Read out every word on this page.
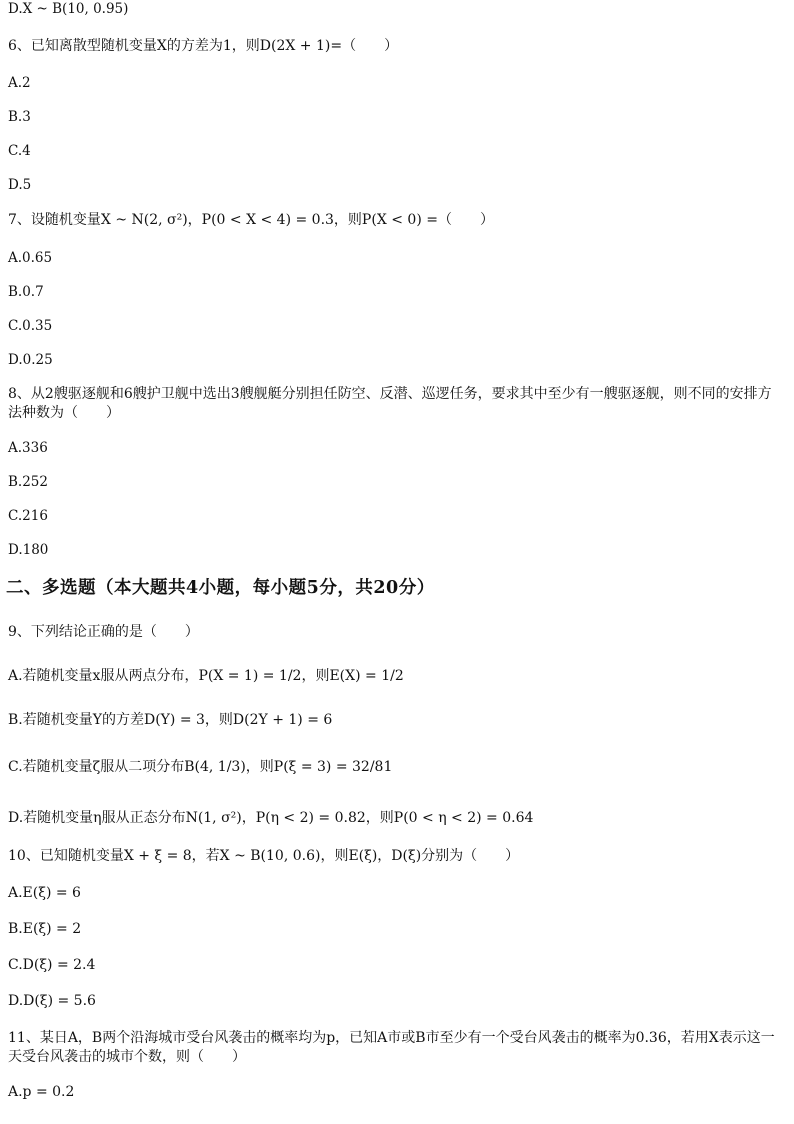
D.X ~ B(10, 0.95)
6、已知离散型随机变量X的方差为1，则D(2X + 1)=（　　）
A.2
B.3
C.4
D.5
7、设随机变量X ~ N(2, σ²)，P(0 < X < 4) = 0.3，则P(X < 0) =（　　）
A.0.65
B.0.7
C.0.35
D.0.25
8、从2艘驱逐舰和6艘护卫舰中选出3艘舰艇分别担任防空、反潜、巡逻任务，要求其中至少有一艘驱逐舰，则不同的安排方法种数为（　　）
A.336
B.252
C.216
D.180
二、多选题（本大题共4小题，每小题5分，共20分）
9、下列结论正确的是（　　）
A.若随机变量x服从两点分布，P(X = 1) = 1/2，则E(X) = 1/2
B.若随机变量Y的方差D(Y) = 3，则D(2Y + 1) = 6
C.若随机变量ζ服从二项分布B(4, 1/3)，则P(ξ = 3) = 32/81
D.若随机变量η服从正态分布N(1, σ²)，P(η < 2) = 0.82，则P(0 < η < 2) = 0.64
10、已知随机变量X + ξ = 8，若X ~ B(10, 0.6)，则E(ξ)，D(ξ)分别为（　　）
A.E(ξ) = 6
B.E(ξ) = 2
C.D(ξ) = 2.4
D.D(ξ) = 5.6
11、某日A，B两个沿海城市受台风袭击的概率均为p，已知A市或B市至少有一个受台风袭击的概率为0.36，若用X表示这一天受台风袭击的城市个数，则（　　）
A.p = 0.2
